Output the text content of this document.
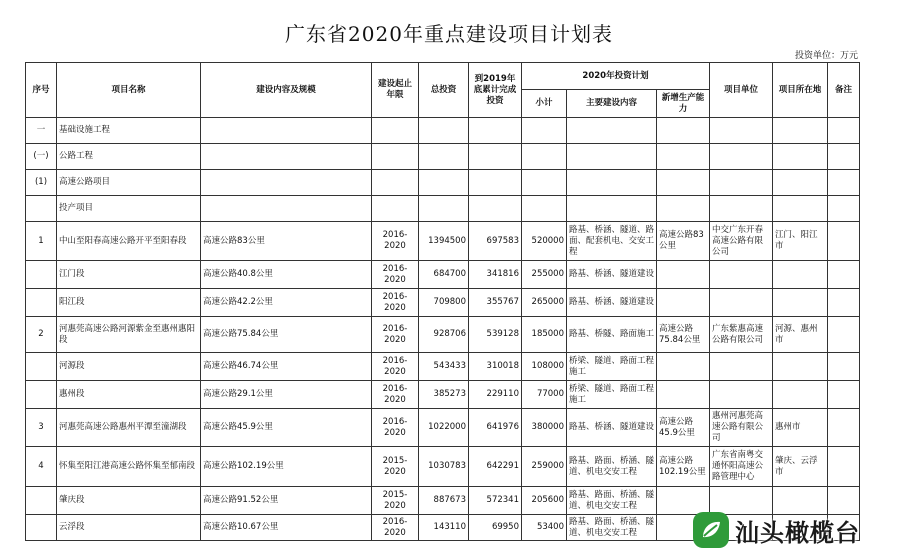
广东省2020年重点建设项目计划表
投资单位：万元
序号	项目名称	建设内容及规模	建设起止年限	总投资	到2019年底累计完成投资	2020年投资计划			项目单位	项目所在地	备注
						小计	主要建设内容	新增生产能力			
一	基础设施工程										
(一)	公路工程										
(1)	高速公路项目										
	投产项目										
1	中山至阳春高速公路开平至阳春段	高速公路83公里	2016-2020	1394500	697583	520000	路基、桥涵、隧道、路面、配套机电、交安工程	高速公路83公里	中交广东开春高速公路有限公司	江门、阳江市	
	江门段	高速公路40.8公里	2016-2020	684700	341816	255000	路基、桥涵、隧道建设				
	阳江段	高速公路42.2公里	2016-2020	709800	355767	265000	路基、桥涵、隧道建设				
2	河惠莞高速公路河源紫金至惠州惠阳段	高速公路75.84公里	2016-2020	928706	539128	185000	路基、桥隧、路面施工	高速公路75.84公里	广东紫惠高速公路有限公司	河源、惠州市	
	河源段	高速公路46.74公里	2016-2020	543433	310018	108000	桥梁、隧道、路面工程施工				
	惠州段	高速公路29.1公里	2016-2020	385273	229110	77000	桥梁、隧道、路面工程施工				
3	河惠莞高速公路惠州平潭至潼湖段	高速公路45.9公里	2016-2020	1022000	641976	380000	路基、桥涵、隧道建设	高速公路45.9公里	惠州河惠莞高速公路有限公司	惠州市	
4	怀集至阳江港高速公路怀集至郁南段	高速公路102.19公里	2015-2020	1030783	642291	259000	路基、路面、桥涵、隧道、机电交安工程	高速公路102.19公里	广东省南粤交通怀阳高速公路管理中心	肇庆、云浮市	
	肇庆段	高速公路91.52公里	2015-2020	887673	572341	205600	路基、路面、桥涵、隧道、机电交安工程				
	云浮段	高速公路10.67公里	2016-2020	143110	69950	53400	路基、路面、桥涵、隧道、机电交安工程					汕头橄榄台
